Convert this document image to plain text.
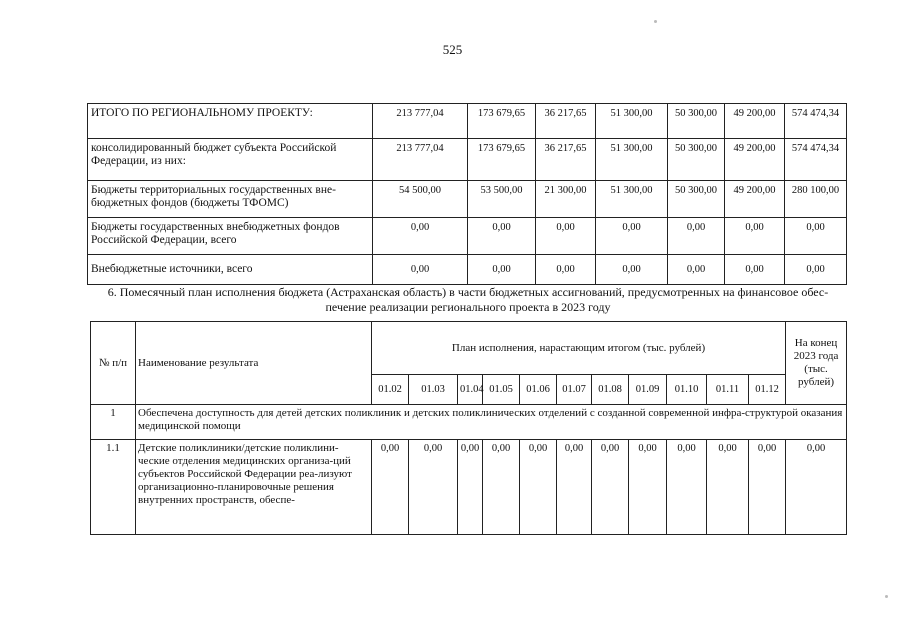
525
ИТОГО ПО РЕГИОНАЛЬНОМУ ПРОЕКТУ:	213 777,04	173 679,65	36 217,65	51 300,00	50 300,00	49 200,00	574 474,34
консолидированный бюджет субъекта Российской Федерации, из них:	213 777,04	173 679,65	36 217,65	51 300,00	50 300,00	49 200,00	574 474,34
Бюджеты территориальных государственных вне-бюджетных фондов (бюджеты ТФОМС)	54 500,00	53 500,00	21 300,00	51 300,00	50 300,00	49 200,00	280 100,00
Бюджеты государственных внебюджетных фондов Российской Федерации, всего	0,00	0,00	0,00	0,00	0,00	0,00	0,00
Внебюджетные источники, всего	0,00	0,00	0,00	0,00	0,00	0,00	0,00
6. Помесячный план исполнения бюджета (Астраханская область) в части бюджетных ассигнований, предусмотренных на финансовое обес-печение реализации регионального проекта в 2023 году
№ п/п	Наименование результата	План исполнения, нарастающим итогом (тыс. рублей)											На конец 2023 года (тыс. рублей)
		01.02	01.03	01.04	01.05	01.06	01.07	01.08	01.09	01.10	01.11	01.12	
1	Обеспечена доступность для детей детских поликлиник и детских поликлинических отделений с созданной современной инфра-структурой оказания медицинской помощи												
1.1	Детские поликлиники/детские поликлини-ческие отделения медицинских организа-ций субъектов Российской Федерации реа-лизуют организационно-планировочные решения внутренних пространств, обеспе-	0,00	0,00	0,00	0,00	0,00	0,00	0,00	0,00	0,00	0,00	0,00	0,00
